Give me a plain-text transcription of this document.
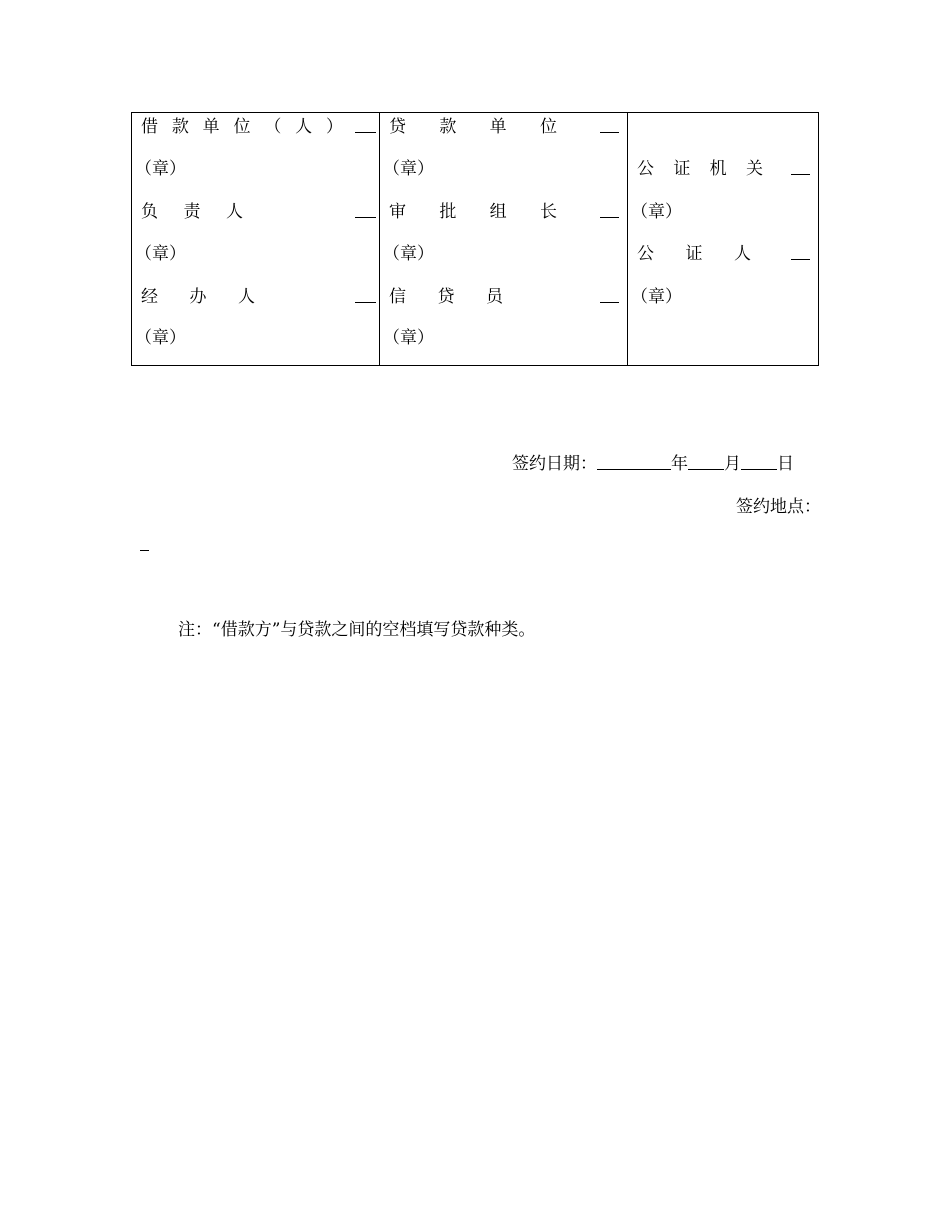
借 款 单 位 （ 人 ）
（章）
负 责 人
（章）
经 办 人
（章）
贷 款 单 位
（章）
审 批 组 长
（章）
信 贷 员
（章）
公 证 机 关
（章）
公 证 人
（章）
签约日期：	年 月 日
签约地点：
注：“借款方”与贷款之间的空档填写贷款种类。
